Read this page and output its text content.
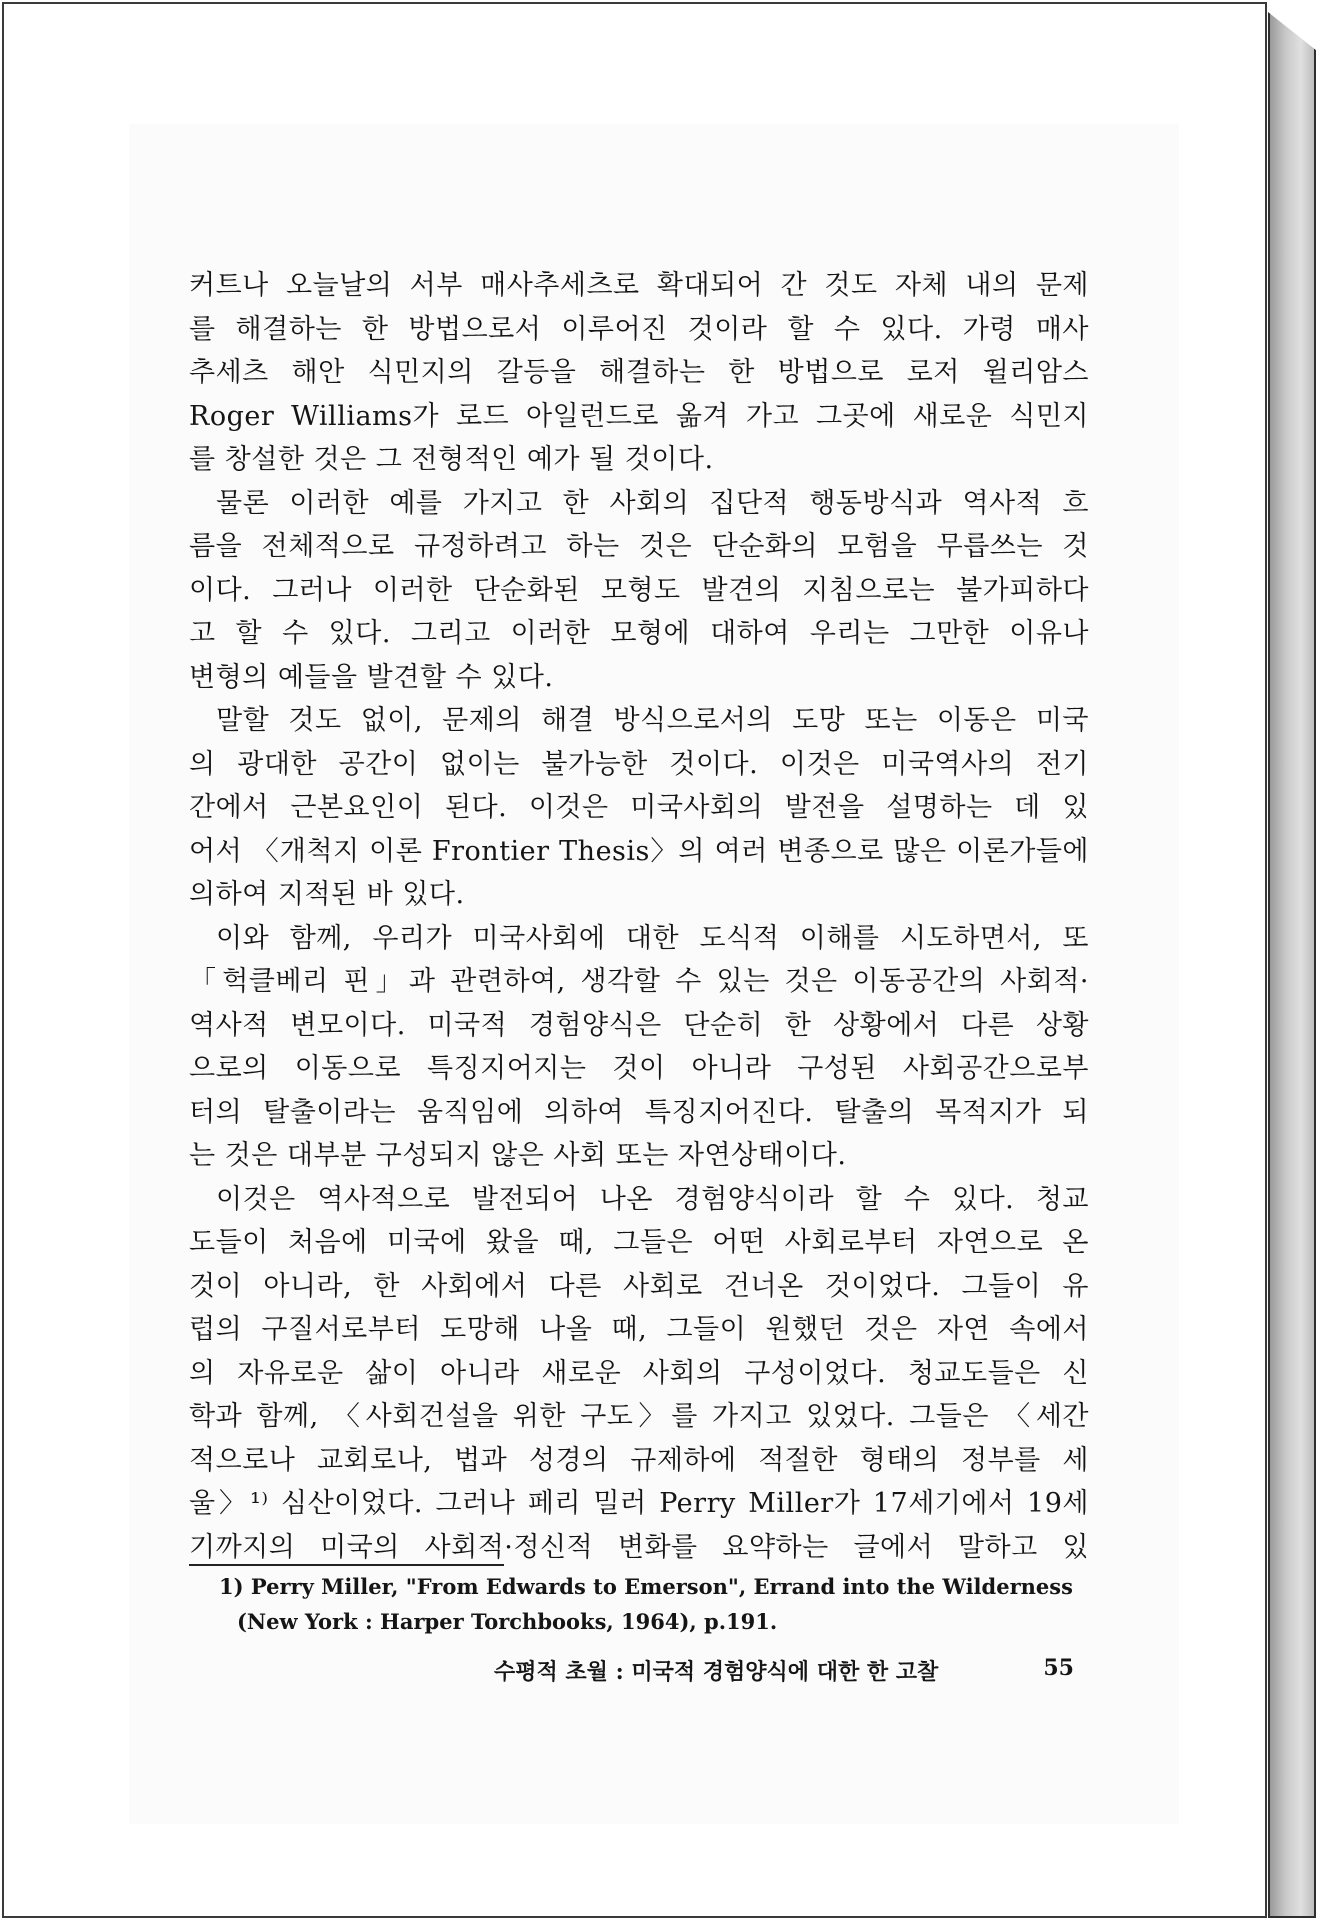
커트나 오늘날의 서부 매사추세츠로 확대되어 간 것도 자체 내의 문제
를 해결하는 한 방법으로서 이루어진 것이라 할 수 있다. 가령 매사
추세츠 해안 식민지의 갈등을 해결하는 한 방법으로 로저 윌리암스
Roger Williams가 로드 아일런드로 옮겨 가고 그곳에 새로운 식민지
를 창설한 것은 그 전형적인 예가 될 것이다.
물론 이러한 예를 가지고 한 사회의 집단적 행동방식과 역사적 흐
름을 전체적으로 규정하려고 하는 것은 단순화의 모험을 무릅쓰는 것
이다. 그러나 이러한 단순화된 모형도 발견의 지침으로는 불가피하다
고 할 수 있다. 그리고 이러한 모형에 대하여 우리는 그만한 이유나
변형의 예들을 발견할 수 있다.
말할 것도 없이, 문제의 해결 방식으로서의 도망 또는 이동은 미국
의 광대한 공간이 없이는 불가능한 것이다. 이것은 미국역사의 전기
간에서 근본요인이 된다. 이것은 미국사회의 발전을 설명하는 데 있
어서 〈개척지 이론 Frontier Thesis〉의 여러 변종으로 많은 이론가들에
의하여 지적된 바 있다.
이와 함께, 우리가 미국사회에 대한 도식적 이해를 시도하면서, 또
「헉클베리 핀」과 관련하여, 생각할 수 있는 것은 이동공간의 사회적·
역사적 변모이다. 미국적 경험양식은 단순히 한 상황에서 다른 상황
으로의 이동으로 특징지어지는 것이 아니라 구성된 사회공간으로부
터의 탈출이라는 움직임에 의하여 특징지어진다. 탈출의 목적지가 되
는 것은 대부분 구성되지 않은 사회 또는 자연상태이다.
이것은 역사적으로 발전되어 나온 경험양식이라 할 수 있다. 청교
도들이 처음에 미국에 왔을 때, 그들은 어떤 사회로부터 자연으로 온
것이 아니라, 한 사회에서 다른 사회로 건너온 것이었다. 그들이 유
럽의 구질서로부터 도망해 나올 때, 그들이 원했던 것은 자연 속에서
의 자유로운 삶이 아니라 새로운 사회의 구성이었다. 청교도들은 신
학과 함께, 〈사회건설을 위한 구도〉를 가지고 있었다. 그들은 〈세간
적으로나 교회로나, 법과 성경의 규제하에 적절한 형태의 정부를 세
울〉¹⁾ 심산이었다. 그러나 페리 밀러 Perry Miller가 17세기에서 19세
기까지의 미국의 사회적·정신적 변화를 요약하는 글에서 말하고 있
1) Perry Miller, "From Edwards to Emerson", Errand into the Wilderness
(New York : Harper Torchbooks, 1964), p.191.
수평적 초월 : 미국적 경험양식에 대한 한 고찰	55
